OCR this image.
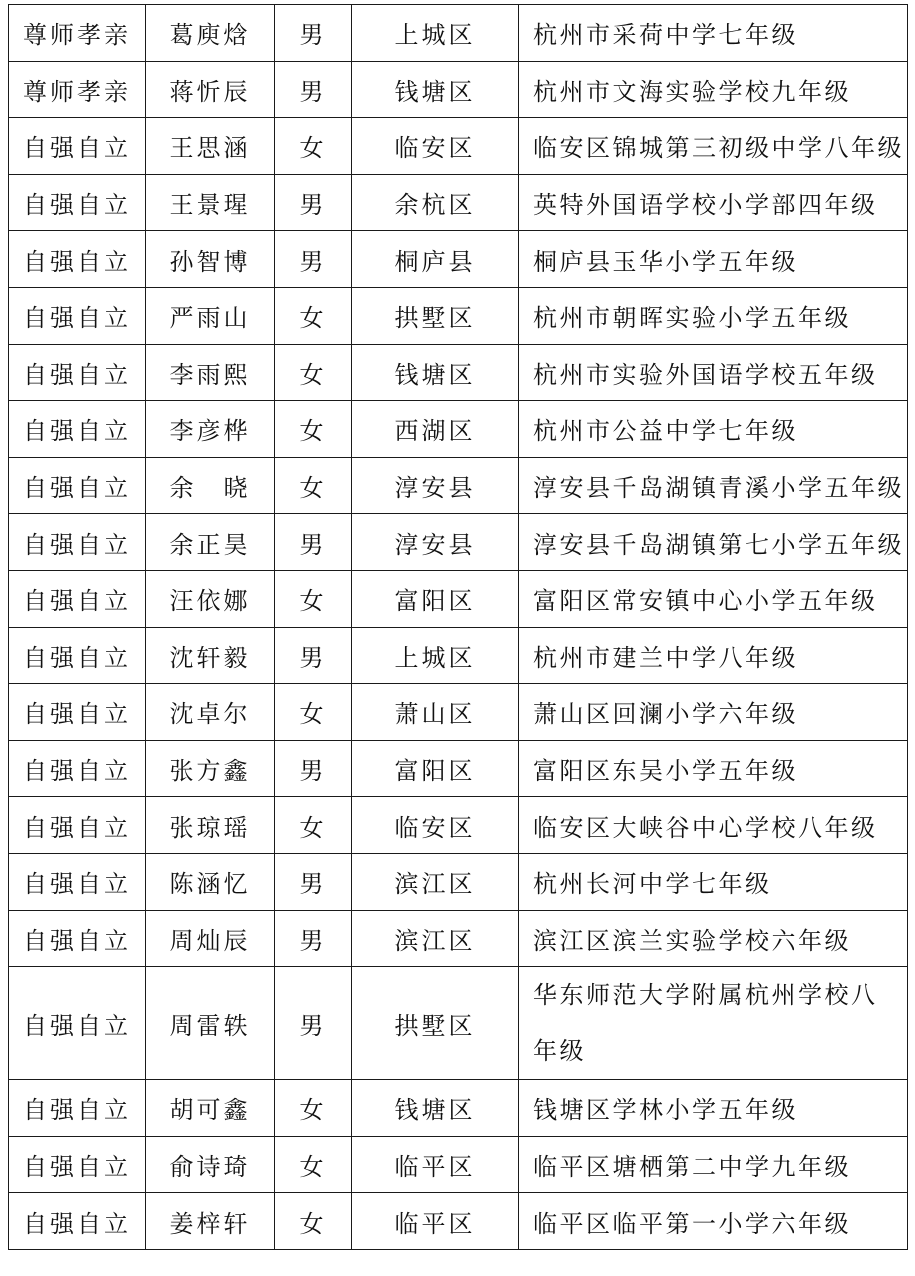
尊师孝亲	葛庾焓	男	上城区	杭州市采荷中学七年级
尊师孝亲	蒋忻辰	男	钱塘区	杭州市文海实验学校九年级
自强自立	王思涵	女	临安区	临安区锦城第三初级中学八年级
自强自立	王景瑆	男	余杭区	英特外国语学校小学部四年级
自强自立	孙智博	男	桐庐县	桐庐县玉华小学五年级
自强自立	严雨山	女	拱墅区	杭州市朝晖实验小学五年级
自强自立	李雨熙	女	钱塘区	杭州市实验外国语学校五年级
自强自立	李彦桦	女	西湖区	杭州市公益中学七年级
自强自立	余　晓	女	淳安县	淳安县千岛湖镇青溪小学五年级
自强自立	余正昊	男	淳安县	淳安县千岛湖镇第七小学五年级
自强自立	汪依娜	女	富阳区	富阳区常安镇中心小学五年级
自强自立	沈轩毅	男	上城区	杭州市建兰中学八年级
自强自立	沈卓尔	女	萧山区	萧山区回澜小学六年级
自强自立	张方鑫	男	富阳区	富阳区东吴小学五年级
自强自立	张琼瑶	女	临安区	临安区大峡谷中心学校八年级
自强自立	陈涵忆	男	滨江区	杭州长河中学七年级
自强自立	周灿辰	男	滨江区	滨江区滨兰实验学校六年级
自强自立	周雷轶	男	拱墅区	华东师范大学附属杭州学校八年级
自强自立	胡可鑫	女	钱塘区	钱塘区学林小学五年级
自强自立	俞诗琦	女	临平区	临平区塘栖第二中学九年级
自强自立	姜梓轩	女	临平区	临平区临平第一小学六年级
